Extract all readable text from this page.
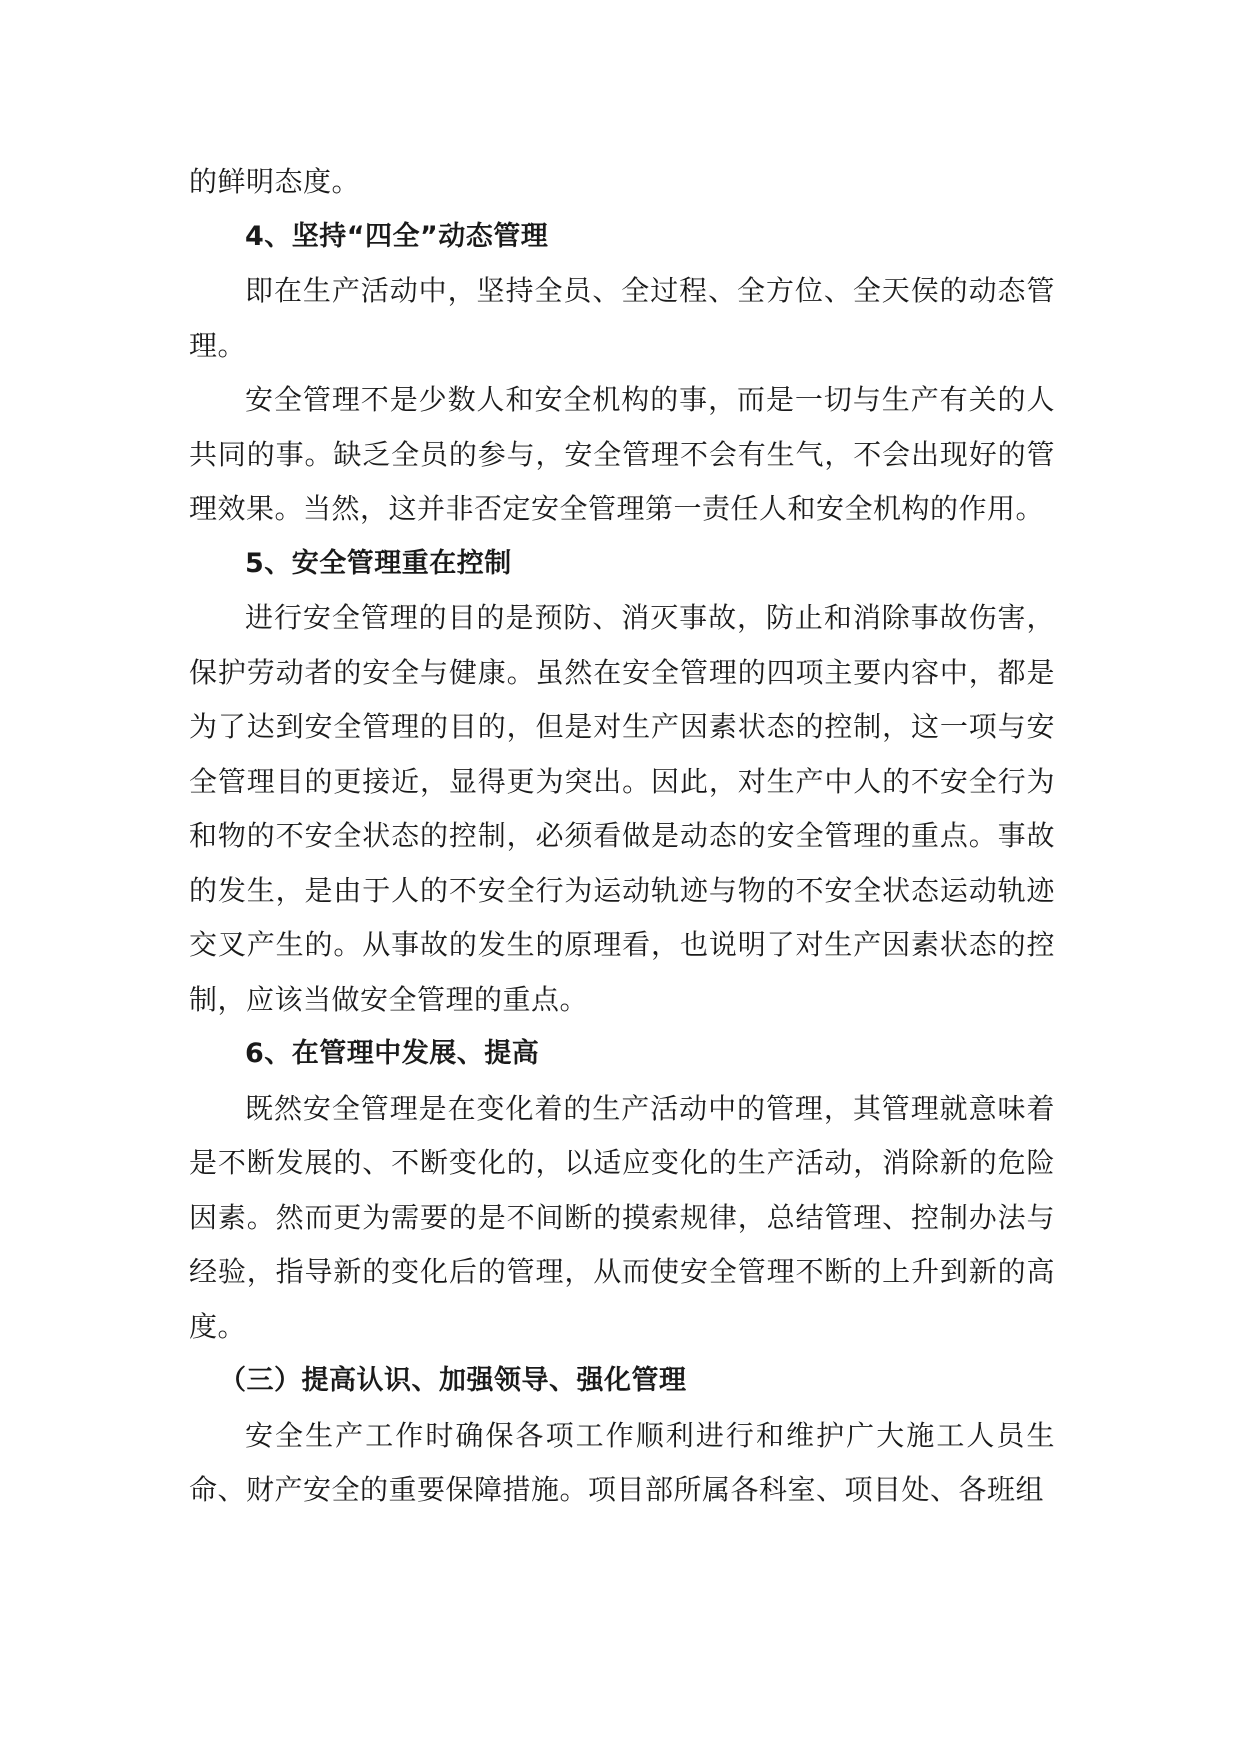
的鲜明态度。

4、坚持“四全”动态管理

即在生产活动中，坚持全员、全过程、全方位、全天侯的动态管理。

安全管理不是少数人和安全机构的事，而是一切与生产有关的人共同的事。缺乏全员的参与，安全管理不会有生气，不会出现好的管理效果。当然，这并非否定安全管理第一责任人和安全机构的作用。

5、安全管理重在控制

进行安全管理的目的是预防、消灭事故，防止和消除事故伤害，保护劳动者的安全与健康。虽然在安全管理的四项主要内容中，都是为了达到安全管理的目的，但是对生产因素状态的控制，这一项与安全管理目的更接近，显得更为突出。因此，对生产中人的不安全行为和物的不安全状态的控制，必须看做是动态的安全管理的重点。事故的发生，是由于人的不安全行为运动轨迹与物的不安全状态运动轨迹交叉产生的。从事故的发生的原理看，也说明了对生产因素状态的控制，应该当做安全管理的重点。

6、在管理中发展、提高

既然安全管理是在变化着的生产活动中的管理，其管理就意味着是不断发展的、不断变化的，以适应变化的生产活动，消除新的危险因素。然而更为需要的是不间断的摸索规律，总结管理、控制办法与经验，指导新的变化后的管理，从而使安全管理不断的上升到新的高度。

（三）提高认识、加强领导、强化管理

安全生产工作时确保各项工作顺利进行和维护广大施工人员生命、财产安全的重要保障措施。项目部所属各科室、项目处、各班组
